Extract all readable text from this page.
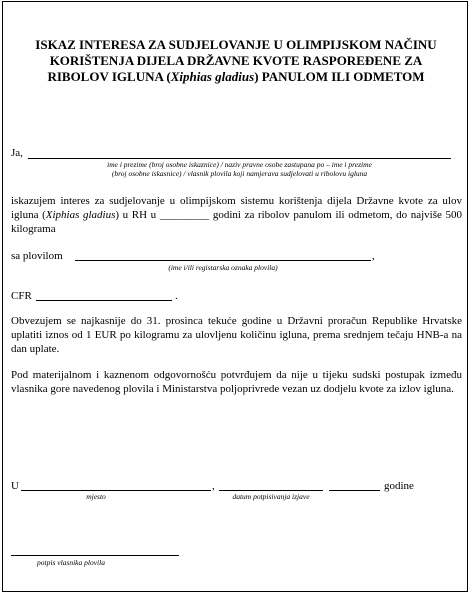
ISKAZ INTERESA ZA SUDJELOVANJE U OLIMPIJSKOM NAČINU
KORIŠTENJA DIJELA DRŽAVNE KVOTE RASPOREĐENE ZA
RIBOLOV IGLUNA (Xiphias gladius) PANULOM ILI ODMETOM
Ja,
ime i prezime (broj osobne iskaznice) / naziv pravne osobe zastupana po – ime i prezime
(broj osobne iskasnice) / vlasnik plovila koji namjerava sudjelovati u ribolovu igluna
iskazujem interes za sudjelovanje u olimpijskom sistemu korištenja dijela Državne kvote za ulov igluna (Xiphias gladius) u RH u _________ godini za ribolov panulom ili odmetom, do najviše 500 kilograma
sa plovilom	,
(ime i/ili registarska oznaka plovila)
CFR	.
Obvezujem se najkasnije do 31. prosinca tekuće godine u Državni proračun Republike Hrvatske uplatiti iznos od 1 EUR po kilogramu za ulovljenu količinu igluna, prema srednjem tečaju HNB-a na dan uplate.
Pod materijalnom i kaznenom odgovornošću potvrđujem da nije u tijeku sudski postupak između vlasnika gore navedenog plovila i Ministarstva poljoprivrede vezan uz dodjelu kvote za izlov igluna.
U	,	godine
mjesto	datum potpisivanja izjave
potpis vlasnika plovila
